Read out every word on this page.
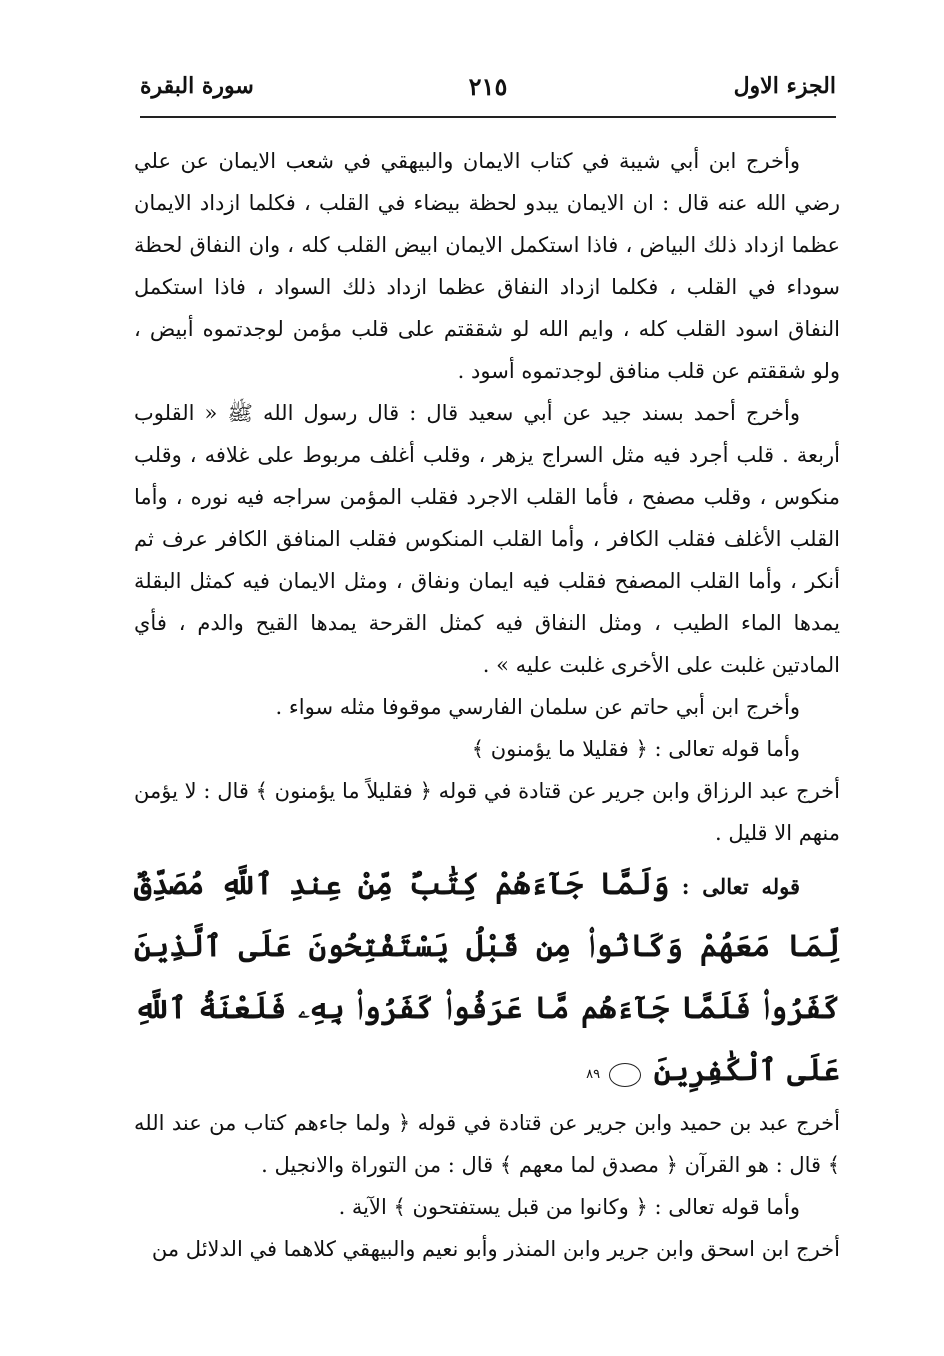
الجزء الاول
٢١٥
سورة البقرة

وأخرج ابن أبي شيبة في كتاب الايمان والبيهقي في شعب الايمان عن علي رضي الله عنه قال : ان الايمان يبدو لحظة بيضاء في القلب ، فكلما ازداد الايمان عظما ازداد ذلك البياض ، فاذا استكمل الايمان ابيض القلب كله ، وان النفاق لحظة سوداء في القلب ، فكلما ازداد النفاق عظما ازداد ذلك السواد ، فاذا استكمل النفاق اسود القلب كله ، وايم الله لو شققتم على قلب مؤمن لوجدتموه أبيض ، ولو شققتم عن قلب منافق لوجدتموه أسود .

وأخرج أحمد بسند جيد عن أبي سعيد قال : قال رسول الله ﷺ « القلوب أربعة . قلب أجرد فيه مثل السراج يزهر ، وقلب أغلف مربوط على غلافه ، وقلب منكوس ، وقلب مصفح ، فأما القلب الاجرد فقلب المؤمن سراجه فيه نوره ، وأما القلب الأغلف فقلب الكافر ، وأما القلب المنكوس فقلب المنافق الكافر عرف ثم أنكر ، وأما القلب المصفح فقلب فيه ايمان ونفاق ، ومثل الايمان فيه كمثل البقلة يمدها الماء الطيب ، ومثل النفاق فيه كمثل القرحة يمدها القيح والدم ، فأي المادتين غلبت على الأخرى غلبت عليه » .

وأخرج ابن أبي حاتم عن سلمان الفارسي موقوفا مثله سواء .

وأما قوله تعالى : ﴿ فقليلا ما يؤمنون ﴾

أخرج عبد الرزاق وابن جرير عن قتادة في قوله ﴿ فقليلاً ما يؤمنون ﴾ قال : لا يؤمن منهم الا قليل .

قوله تعالى : وَلَمَّا جَآءَهُمْ كِتَٰبٌ مِّنْ عِندِ ٱللَّهِ مُصَدِّقٌ لِّمَا مَعَهُمْ وَكَانُوا۟ مِن قَبْلُ يَسْتَفْتِحُونَ عَلَى ٱلَّذِينَ كَفَرُوا۟ فَلَمَّا جَآءَهُم مَّا عَرَفُوا۟ كَفَرُوا۟ بِهِۦ فَلَعْنَةُ ٱللَّهِ عَلَى ٱلْكَٰفِرِينَ ٨٩

أخرج عبد بن حميد وابن جرير عن قتادة في قوله ﴿ ولما جاءهم كتاب من عند الله ﴾ قال : هو القرآن ﴿ مصدق لما معهم ﴾ قال : من التوراة والانجيل .

وأما قوله تعالى : ﴿ وكانوا من قبل يستفتحون ﴾ الآية .

أخرج ابن اسحق وابن جرير وابن المنذر وأبو نعيم والبيهقي كلاهما في الدلائل من
